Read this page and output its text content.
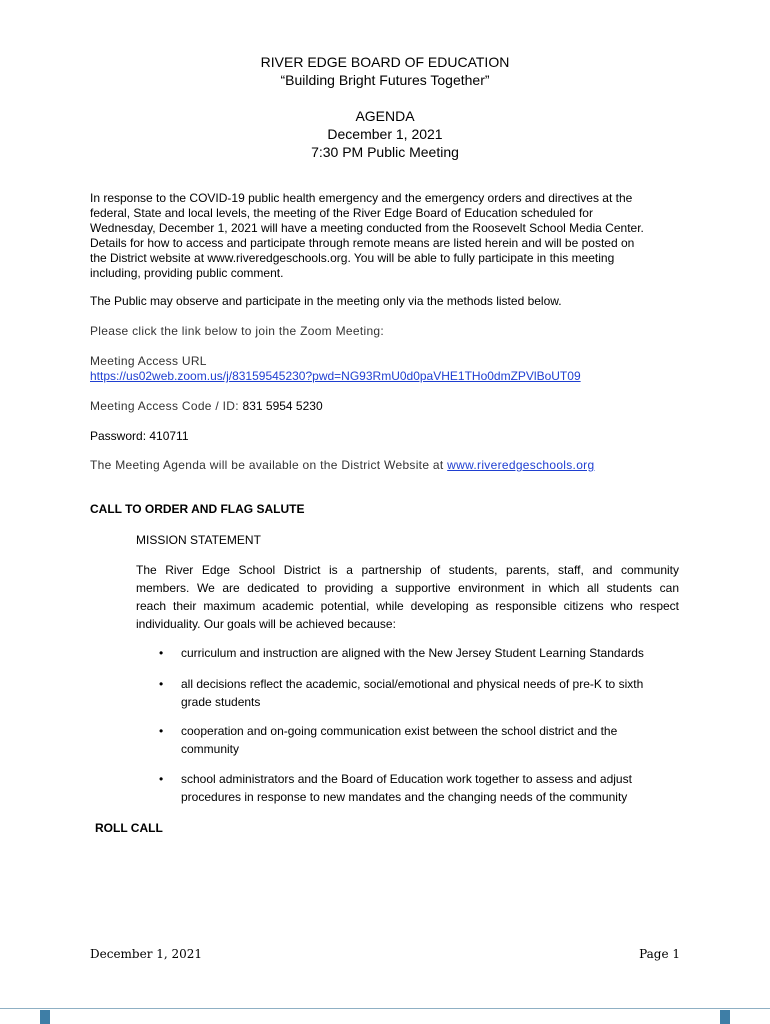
RIVER EDGE BOARD OF EDUCATION
“Building Bright Futures Together”
AGENDA
December 1, 2021
7:30 PM Public Meeting
In response to the COVID-19 public health emergency and the emergency orders and directives at the
federal, State and local levels, the meeting of the River Edge Board of Education scheduled for
Wednesday, December 1, 2021 will have a meeting conducted from the Roosevelt School Media Center.
Details for how to access and participate through remote means are listed herein and will be posted on
the District website at www.riveredgeschools.org. You will be able to fully participate in this meeting
including, providing public comment.
The Public may observe and participate in the meeting only via the methods listed below.
Please click the link below to join the Zoom Meeting:
Meeting Access URL
https://us02web.zoom.us/j/83159545230?pwd=NG93RmU0d0paVHE1THo0dmZPVlBoUT09
Meeting Access Code / ID: 831 5954 5230
Password: 410711
The Meeting Agenda will be available on the District Website at www.riveredgeschools.org
CALL TO ORDER AND FLAG SALUTE
MISSION STATEMENT
The River Edge School District is a partnership of students, parents, staff, and community
members. We are dedicated to providing a supportive environment in which all students can
reach their maximum academic potential, while developing as responsible citizens who respect
individuality. Our goals will be achieved because:
•	curriculum and instruction are aligned with the New Jersey Student Learning Standards
•	all decisions reflect the academic, social/emotional and physical needs of pre-K to sixth
grade students
•	cooperation and on-going communication exist between the school district and the
community
•	school administrators and the Board of Education work together to assess and adjust
procedures in response to new mandates and the changing needs of the community
ROLL CALL
December 1, 2021	Page 1
